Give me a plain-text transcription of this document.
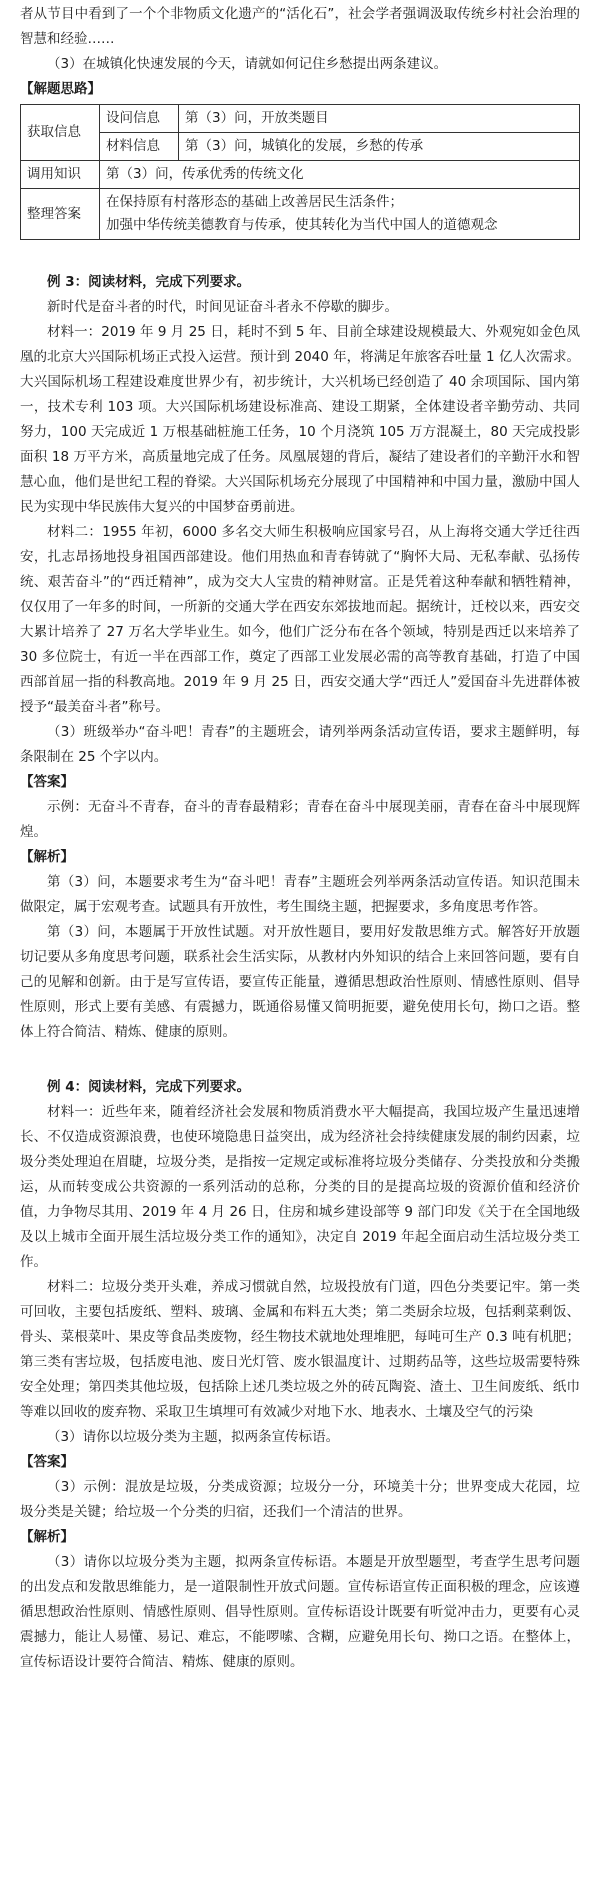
者从节目中看到了一个个非物质文化遗产的“活化石”，社会学者强调汲取传统乡村社会治理的智慧和经验……

（3）在城镇化快速发展的今天，请就如何记住乡愁提出两条建议。

【解题思路】

获取信息	设问信息	第（3）问，开放类题目
	材料信息	第（3）问，城镇化的发展，乡愁的传承
调用知识	第（3）问，传承优秀的传统文化	
整理答案	在保持原有村落形态的基础上改善居民生活条件；
加强中华传统美德教育与传承，使其转化为当代中国人的道德观念	

例 3：阅读材料，完成下列要求。

新时代是奋斗者的时代，时间见证奋斗者永不停歇的脚步。

材料一：2019 年 9 月 25 日，耗时不到 5 年、目前全球建设规模最大、外观宛如金色凤凰的北京大兴国际机场正式投入运营。预计到 2040 年，将满足年旅客吞吐量 1 亿人次需求。大兴国际机场工程建设难度世界少有，初步统计，大兴机场已经创造了 40 余项国际、国内第一，技术专利 103 项。大兴国际机场建设标准高、建设工期紧，全体建设者辛勤劳动、共同努力，100 天完成近 1 万根基础桩施工任务，10 个月浇筑 105 万方混凝土，80 天完成投影面积 18 万平方米，高质量地完成了任务。凤凰展翅的背后，凝结了建设者们的辛勤汗水和智慧心血，他们是世纪工程的脊梁。大兴国际机场充分展现了中国精神和中国力量，激励中国人民为实现中华民族伟大复兴的中国梦奋勇前进。

材料二：1955 年初，6000 多名交大师生积极响应国家号召，从上海将交通大学迁往西安，扎志昂扬地投身祖国西部建设。他们用热血和青春铸就了“胸怀大局、无私奉献、弘扬传统、艰苦奋斗”的“西迁精神”，成为交大人宝贵的精神财富。正是凭着这种奉献和牺牲精神，仅仅用了一年多的时间，一所新的交通大学在西安东郊拔地而起。据统计，迁校以来，西安交大累计培养了 27 万名大学毕业生。如今，他们广泛分布在各个领域，特别是西迁以来培养了 30 多位院士，有近一半在西部工作，奠定了西部工业发展必需的高等教育基础，打造了中国西部首屈一指的科教高地。2019 年 9 月 25 日，西安交通大学“西迁人”爱国奋斗先进群体被授予“最美奋斗者”称号。

（3）班级举办“奋斗吧！青春”的主题班会，请列举两条活动宣传语，要求主题鲜明，每条限制在 25 个字以内。

【答案】

示例：无奋斗不青春，奋斗的青春最精彩；青春在奋斗中展现美丽，青春在奋斗中展现辉煌。

【解析】

第（3）问，本题要求考生为“奋斗吧！青春”主题班会列举两条活动宣传语。知识范围未做限定，属于宏观考查。试题具有开放性，考生围绕主题，把握要求，多角度思考作答。

第（3）问，本题属于开放性试题。对开放性题目，要用好发散思维方式。解答好开放题切记要从多角度思考问题，联系社会生活实际，从教材内外知识的结合上来回答问题，要有自己的见解和创新。由于是写宣传语，要宣传正能量，遵循思想政治性原则、情感性原则、倡导性原则，形式上要有美感、有震撼力，既通俗易懂又简明扼要，避免使用长句，拗口之语。整体上符合简洁、精炼、健康的原则。

例 4：阅读材料，完成下列要求。

材料一：近些年来，随着经济社会发展和物质消费水平大幅提高，我国垃圾产生量迅速增长、不仅造成资源浪费，也使环境隐患日益突出，成为经济社会持续健康发展的制约因素，垃圾分类处理迫在眉睫，垃圾分类，是指按一定规定或标准将垃圾分类储存、分类投放和分类搬运，从而转变成公共资源的一系列活动的总称，分类的目的是提高垃圾的资源价值和经济价值，力争物尽其用、2019 年 4 月 26 日，住房和城乡建设部等 9 部门印发《关于在全国地级及以上城市全面开展生活垃圾分类工作的通知》，决定自 2019 年起全面启动生活垃圾分类工作。

材料二：垃圾分类开头难，养成习惯就自然，垃圾投放有门道，四色分类要记牢。第一类可回收，主要包括废纸、塑料、玻璃、金属和布料五大类；第二类厨余垃圾，包括剩菜剩饭、骨头、菜根菜叶、果皮等食品类废物，经生物技术就地处理堆肥，每吨可生产 0.3 吨有机肥；第三类有害垃圾，包括废电池、废日光灯管、废水银温度计、过期药品等，这些垃圾需要特殊安全处理；第四类其他垃圾，包括除上述几类垃圾之外的砖瓦陶瓷、渣土、卫生间废纸、纸巾等难以回收的废弃物、采取卫生填埋可有效减少对地下水、地表水、土壤及空气的污染

（3）请你以垃圾分类为主题，拟两条宣传标语。

【答案】

（3）示例：混放是垃圾，分类成资源；垃圾分一分，环境美十分；世界变成大花园，垃圾分类是关键；给垃圾一个分类的归宿，还我们一个清洁的世界。

【解析】

（3）请你以垃圾分类为主题，拟两条宣传标语。本题是开放型题型，考查学生思考问题的出发点和发散思维能力，是一道限制性开放式问题。宣传标语宣传正面积极的理念，应该遵循思想政治性原则、情感性原则、倡导性原则。宣传标语设计既要有听觉冲击力，更要有心灵震撼力，能让人易懂、易记、难忘，不能啰嗦、含糊，应避免用长句、拗口之语。在整体上，宣传标语设计要符合简洁、精炼、健康的原则。
